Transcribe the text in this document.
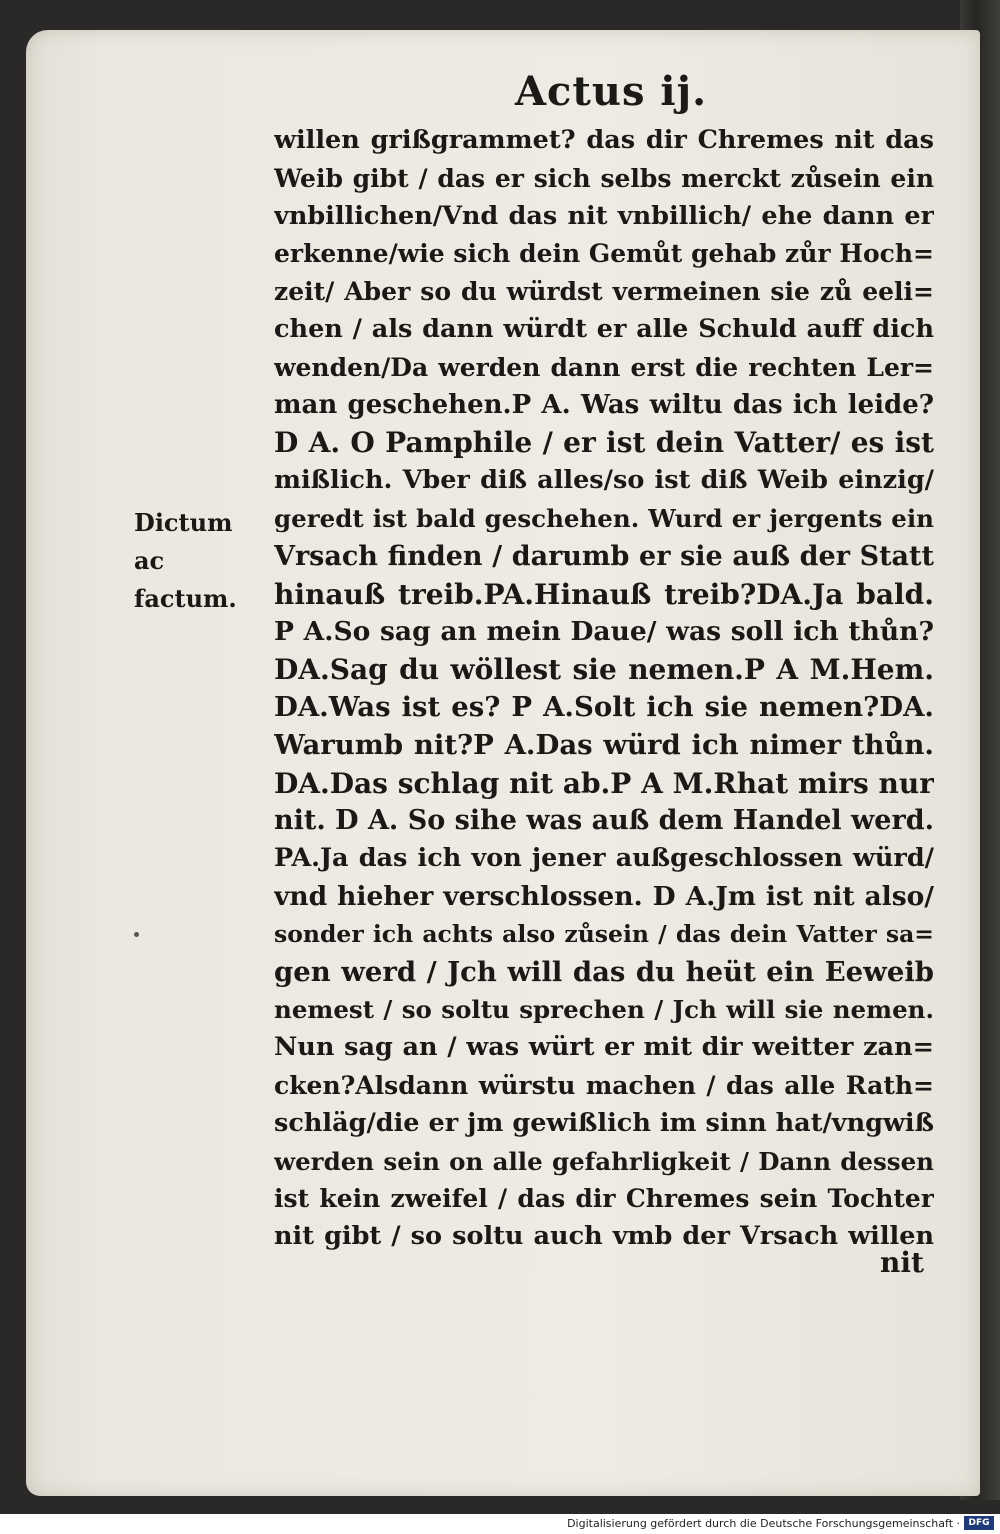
Actus ij.
Dictum ac
factum.
willen grißgrammet? das dir Chremes nit das
Weib gibt / das er sich selbs merckt zůsein ein
vnbillichen/Vnd das nit vnbillich/ ehe dann er
erkenne/wie sich dein Gemůt gehab zůr Hoch=
zeit/ Aber so du würdst vermeinen sie zů eeli=
chen / als dann würdt er alle Schuld auff dich
wenden/Da werden dann erst die rechten Ler=
man geschehen.P A. Was wiltu das ich leide?
D A. O Pamphile / er ist dein Vatter/ es ist
mißlich. Vber diß alles/so ist diß Weib einzig/
geredt ist bald geschehen. Wurd er jergents ein
Vrsach finden / darumb er sie auß der Statt
hinauß treib.PA.Hinauß treib?DA.Ja bald.
P A.So sag an mein Daue/ was soll ich thůn?
DA.Sag du wöllest sie nemen.P A M.Hem.
DA.Was ist es? P A.Solt ich sie nemen?DA.
Warumb nit?P A.Das würd ich nimer thůn.
DA.Das schlag nit ab.P A M.Rhat mirs nur
nit. D A. So sihe was auß dem Handel werd.
PA.Ja das ich von jener außgeschlossen würd/
vnd hieher verschlossen. D A.Jm ist nit also/
sonder ich achts also zůsein / das dein Vatter sa=
gen werd / Jch will das du heüt ein Eeweib
nemest / so soltu sprechen / Jch will sie nemen.
Nun sag an / was würt er mit dir weitter zan=
cken?Alsdann würstu machen / das alle Rath=
schläg/die er jm gewißlich im sinn hat/vngwiß
werden sein on alle gefahrligkeit / Dann dessen
ist kein zweifel / das dir Chremes sein Tochter
nit gibt / so soltu auch vmb der Vrsach willen
nit
Digitalisierung gefördert durch die Deutsche Forschungsgemeinschaft · DFG
